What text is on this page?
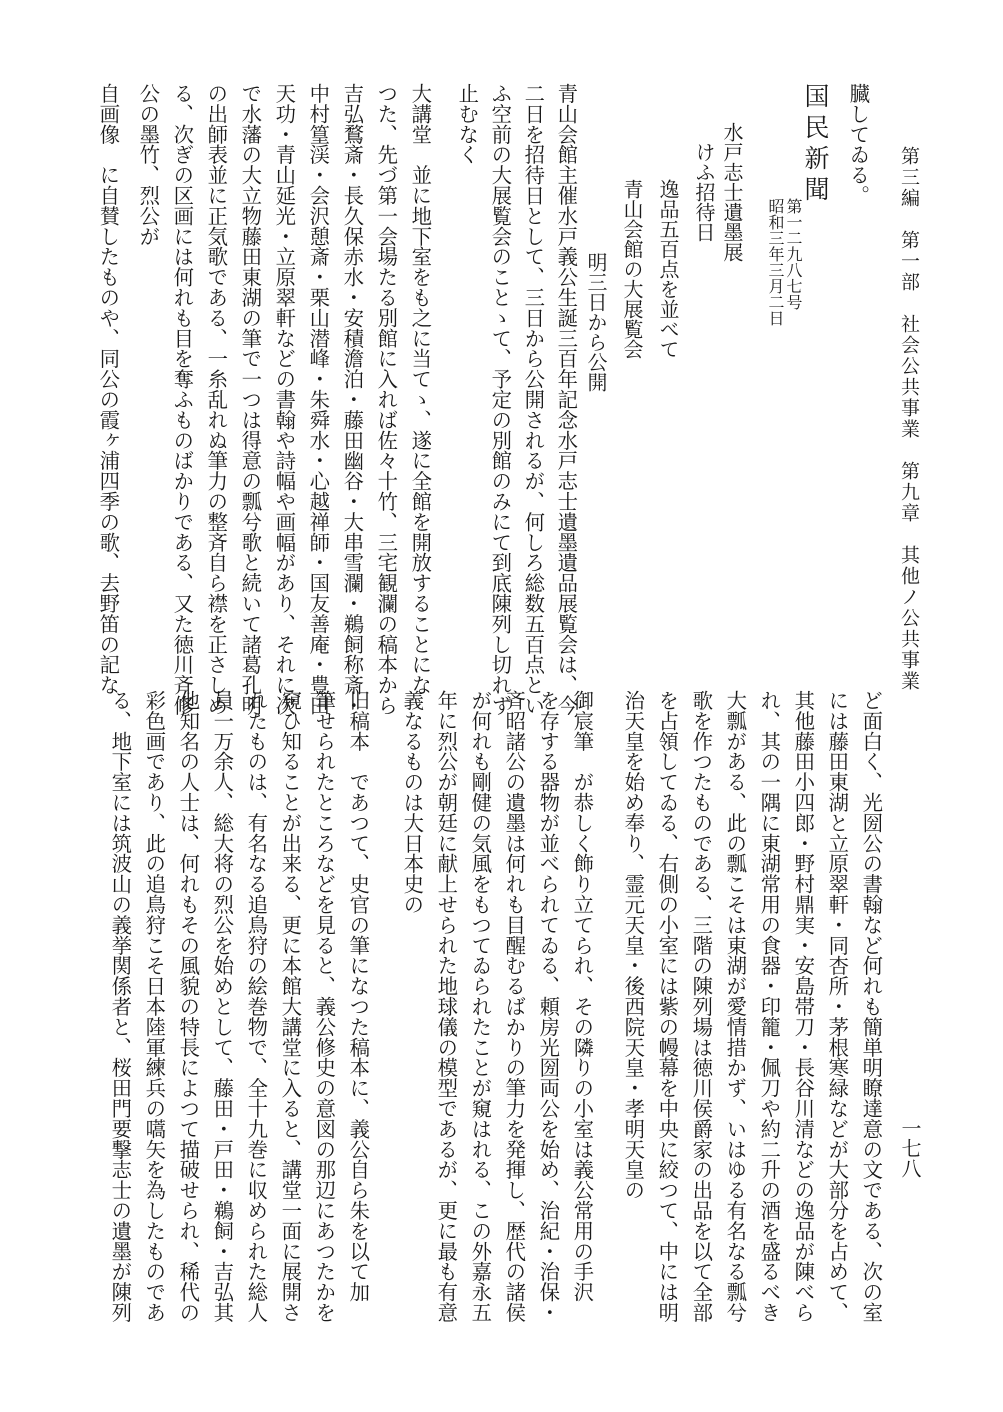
第三編　第一部　社会公共事業　第九章　其他ノ公共事業
一七八
臓してゐる。
国民新聞
第一二九八七号
昭和三年三月二日
水戸志士遺墨展
けふ招待日
逸品五百点を並べて
青山会館の大展覧会
明三日から公開
青山会館主催水戸義公生誕三百年記念水戸志士遺墨遺品展覧会は、今
二日を招待日として、三日から公開されるが、何しろ総数五百点とい
ふ空前の大展覧会のことゝて、予定の別館のみにて到底陳列し切れず
止むなく
大講堂　並に地下室をも之に当てゝ、遂に全館を開放することにな
つた、先づ第一会場たる別館に入れば佐々十竹、三宅観瀾の稿本から
吉弘鶩斎・長久保赤水・安積澹泊・藤田幽谷・大串雪瀾・鵜飼称斎・
中村篁渓・会沢憩斎・栗山潜峰・朱舜水・心越禅師・国友善庵・豊田
天功・青山延光・立原翠軒などの書翰や詩幅や画幅があり、それに次
で水藩の大立物藤田東湖の筆で一つは得意の瓢兮歌と続いて諸葛孔明
の出師表並に正気歌である、一糸乱れぬ筆力の整斉自ら襟を正さしめ
る、次ぎの区画には何れも目を奪ふものばかりである、又た徳川斉修
公の墨竹、烈公が
自画像　に自賛したものや、同公の霞ヶ浦四季の歌、去野笛の記な
ど面白く、光圀公の書翰など何れも簡単明瞭達意の文である、次の室
には藤田東湖と立原翠軒・同杏所・茅根寒緑などが大部分を占めて、
其他藤田小四郎・野村鼎実・安島帯刀・長谷川清などの逸品が陳べら
れ、其の一隅に東湖常用の食器・印籠・佩刀や約二升の酒を盛るべき
大瓢がある、此の瓢こそは東湖が愛情措かず、いはゆる有名なる瓢兮
歌を作つたものである、三階の陳列場は徳川侯爵家の出品を以て全部
を占領してゐる、右側の小室には紫の幔幕を中央に絞つて、中には明
治天皇を始め奉り、霊元天皇・後西院天皇・孝明天皇の
御宸筆　が恭しく飾り立てられ、その隣りの小室は義公常用の手沢
を存する器物が並べられてゐる、頼房光圀両公を始め、治紀・治保・
斉昭諸公の遺墨は何れも目醒むるばかりの筆力を発揮し、歴代の諸侯
が何れも剛健の気風をもつてゐられたことが窺はれる、この外嘉永五
年に烈公が朝廷に献上せられた地球儀の模型であるが、更に最も有意
義なるものは大日本史の
旧稿本　であつて、史官の筆になつた稿本に、義公自ら朱を以て加
筆せられたところなどを見ると、義公修史の意図の那辺にあつたかを
窺ひ知ることが出来る、更に本館大講堂に入ると、講堂一面に展開さ
れたものは、有名なる追鳥狩の絵巻物で、全十九巻に収められた総人
員一万余人、総大将の烈公を始めとして、藤田・戸田・鵜飼・吉弘其
他知名の人士は、何れもその風貌の特長によつて描破せられ、稀代の
彩色画であり、此の追鳥狩こそ日本陸軍練兵の嚆矢を為したものであ
る、地下室には筑波山の義挙関係者と、桜田門要撃志士の遺墨が陳列
